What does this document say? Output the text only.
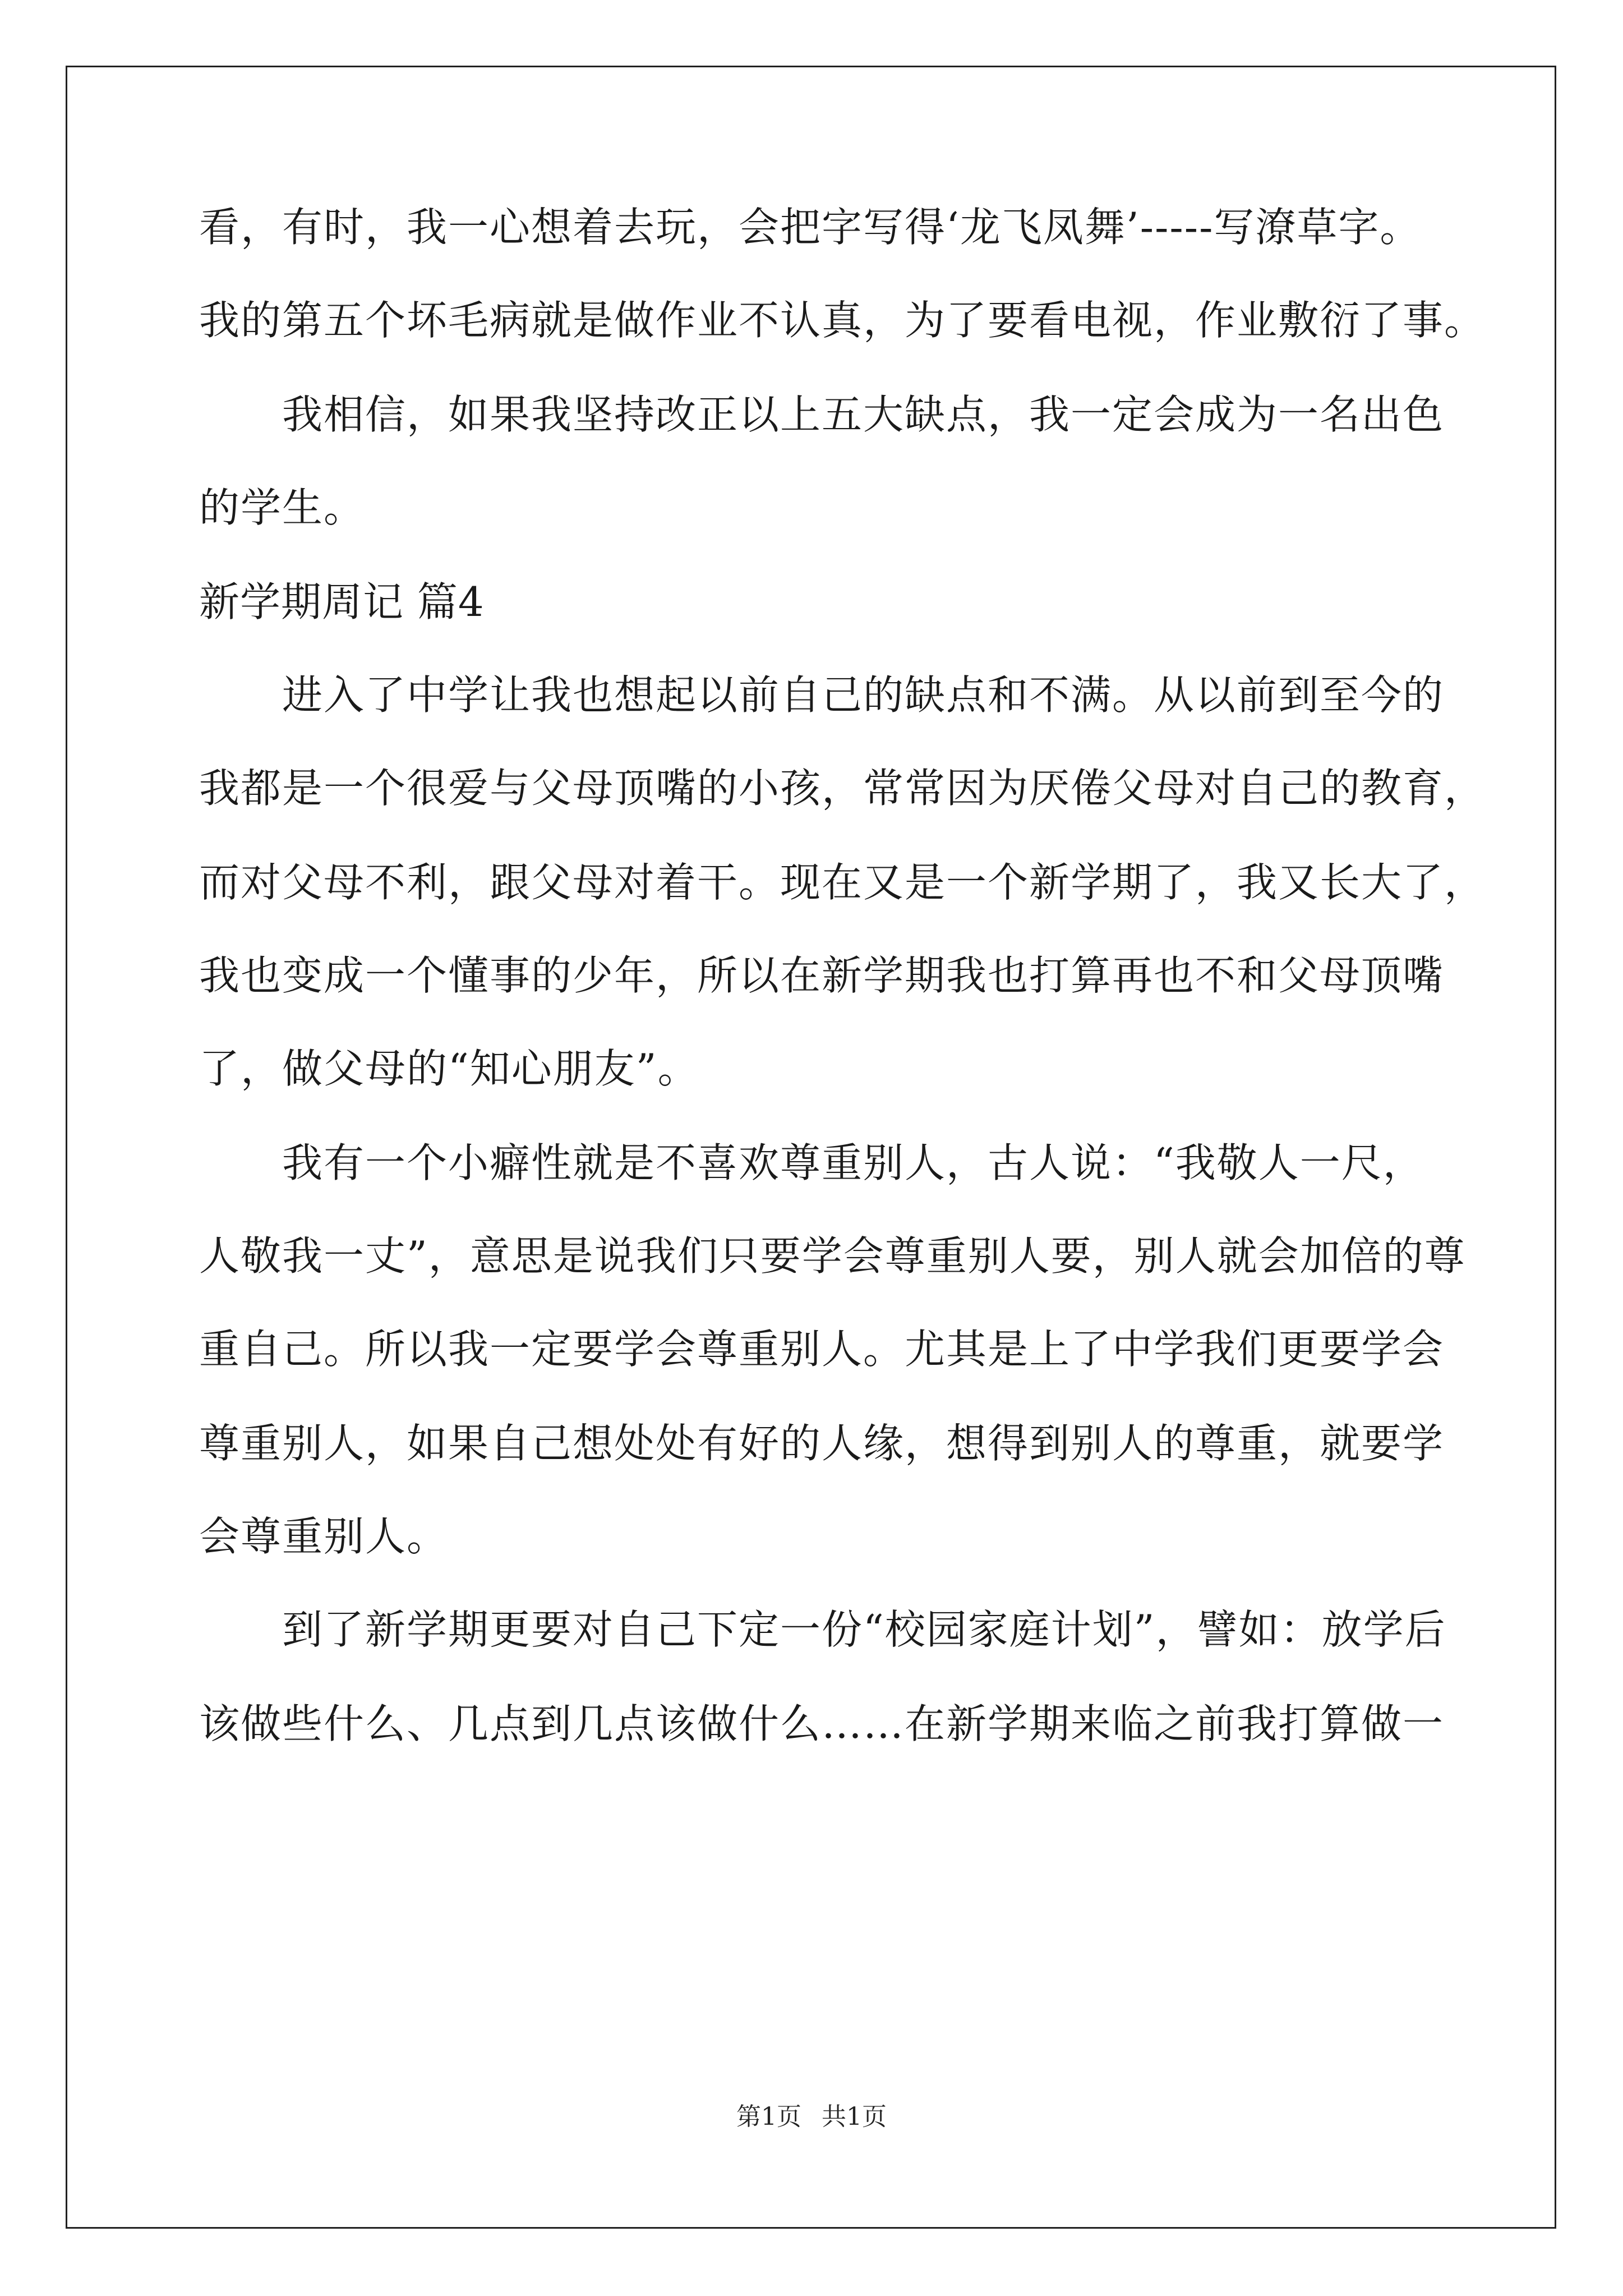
看，有时，我一心想着去玩，会把字写得‘龙飞凤舞’-----写潦草字。
我的第五个坏毛病就是做作业不认真，为了要看电视，作业敷衍了事。
我相信，如果我坚持改正以上五大缺点，我一定会成为一名出色
的学生。
新学期周记 篇4
进入了中学让我也想起以前自己的缺点和不满。从以前到至今的
我都是一个很爱与父母顶嘴的小孩，常常因为厌倦父母对自己的教育，
而对父母不利，跟父母对着干。现在又是一个新学期了，我又长大了，
我也变成一个懂事的少年，所以在新学期我也打算再也不和父母顶嘴
了，做父母的“知心朋友”。
我有一个小癖性就是不喜欢尊重别人，古人说：“我敬人一尺，
人敬我一丈”，意思是说我们只要学会尊重别人要，别人就会加倍的尊
重自己。所以我一定要学会尊重别人。尤其是上了中学我们更要学会
尊重别人，如果自己想处处有好的人缘，想得到别人的尊重，就要学
会尊重别人。
到了新学期更要对自己下定一份“校园家庭计划”，譬如：放学后
该做些什么、几点到几点该做什么……在新学期来临之前我打算做一
第1页 共1页
